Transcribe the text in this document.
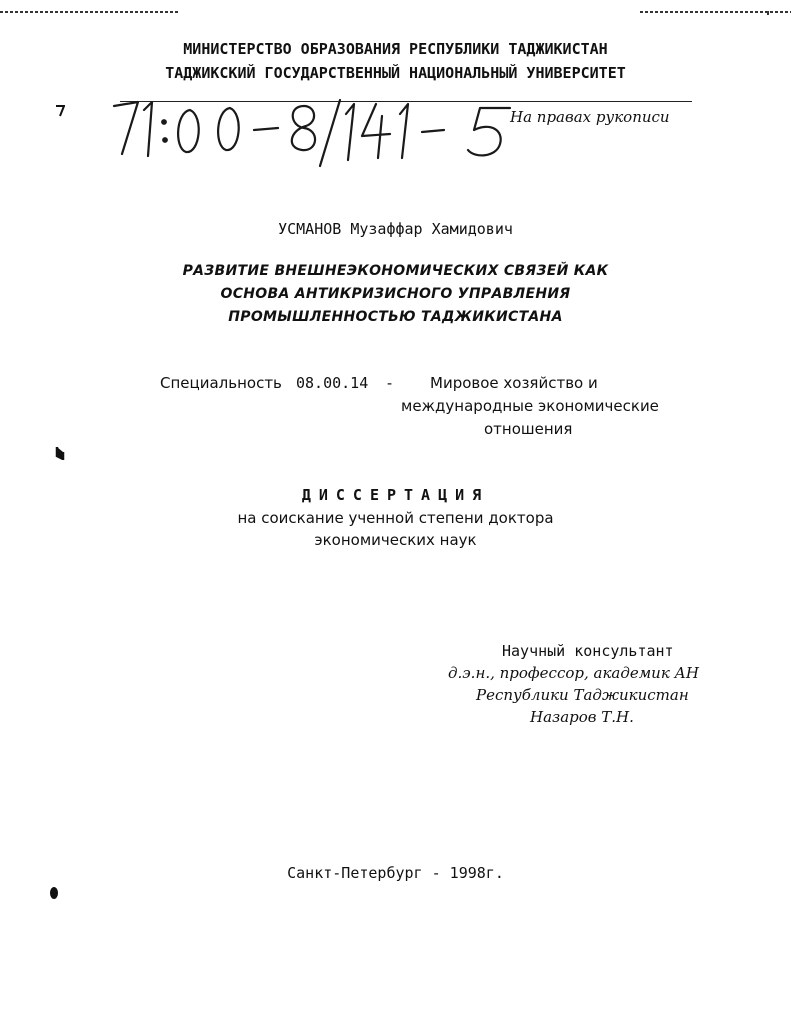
МИНИСТЕРСТВО ОБРАЗОВАНИЯ РЕСПУБЛИКИ ТАДЖИКИСТАН
ТАДЖИКСКИЙ ГОСУДАРСТВЕННЫЙ НАЦИОНАЛЬНЫЙ УНИВЕРСИТЕТ
На правах рукописи
УСМАНОВ Музаффар Хамидович
РАЗВИТИЕ ВНЕШНЕЭКОНОМИЧЕСКИХ СВЯЗЕЙ КАК
ОСНОВА АНТИКРИЗИСНОГО УПРАВЛЕНИЯ
ПРОМЫШЛЕННОСТЬЮ ТАДЖИКИСТАНА
Специальность 08.00.14 - Мировое хозяйство и
международные экономические
отношения
ДИССЕРТАЦИЯ
на соискание ученной степени доктора
экономических наук
Научный консультант
д.э.н., профессор, академик АН
Республики Таджикистан
Назаров Т.Н.
Санкт-Петербург - 1998г.
